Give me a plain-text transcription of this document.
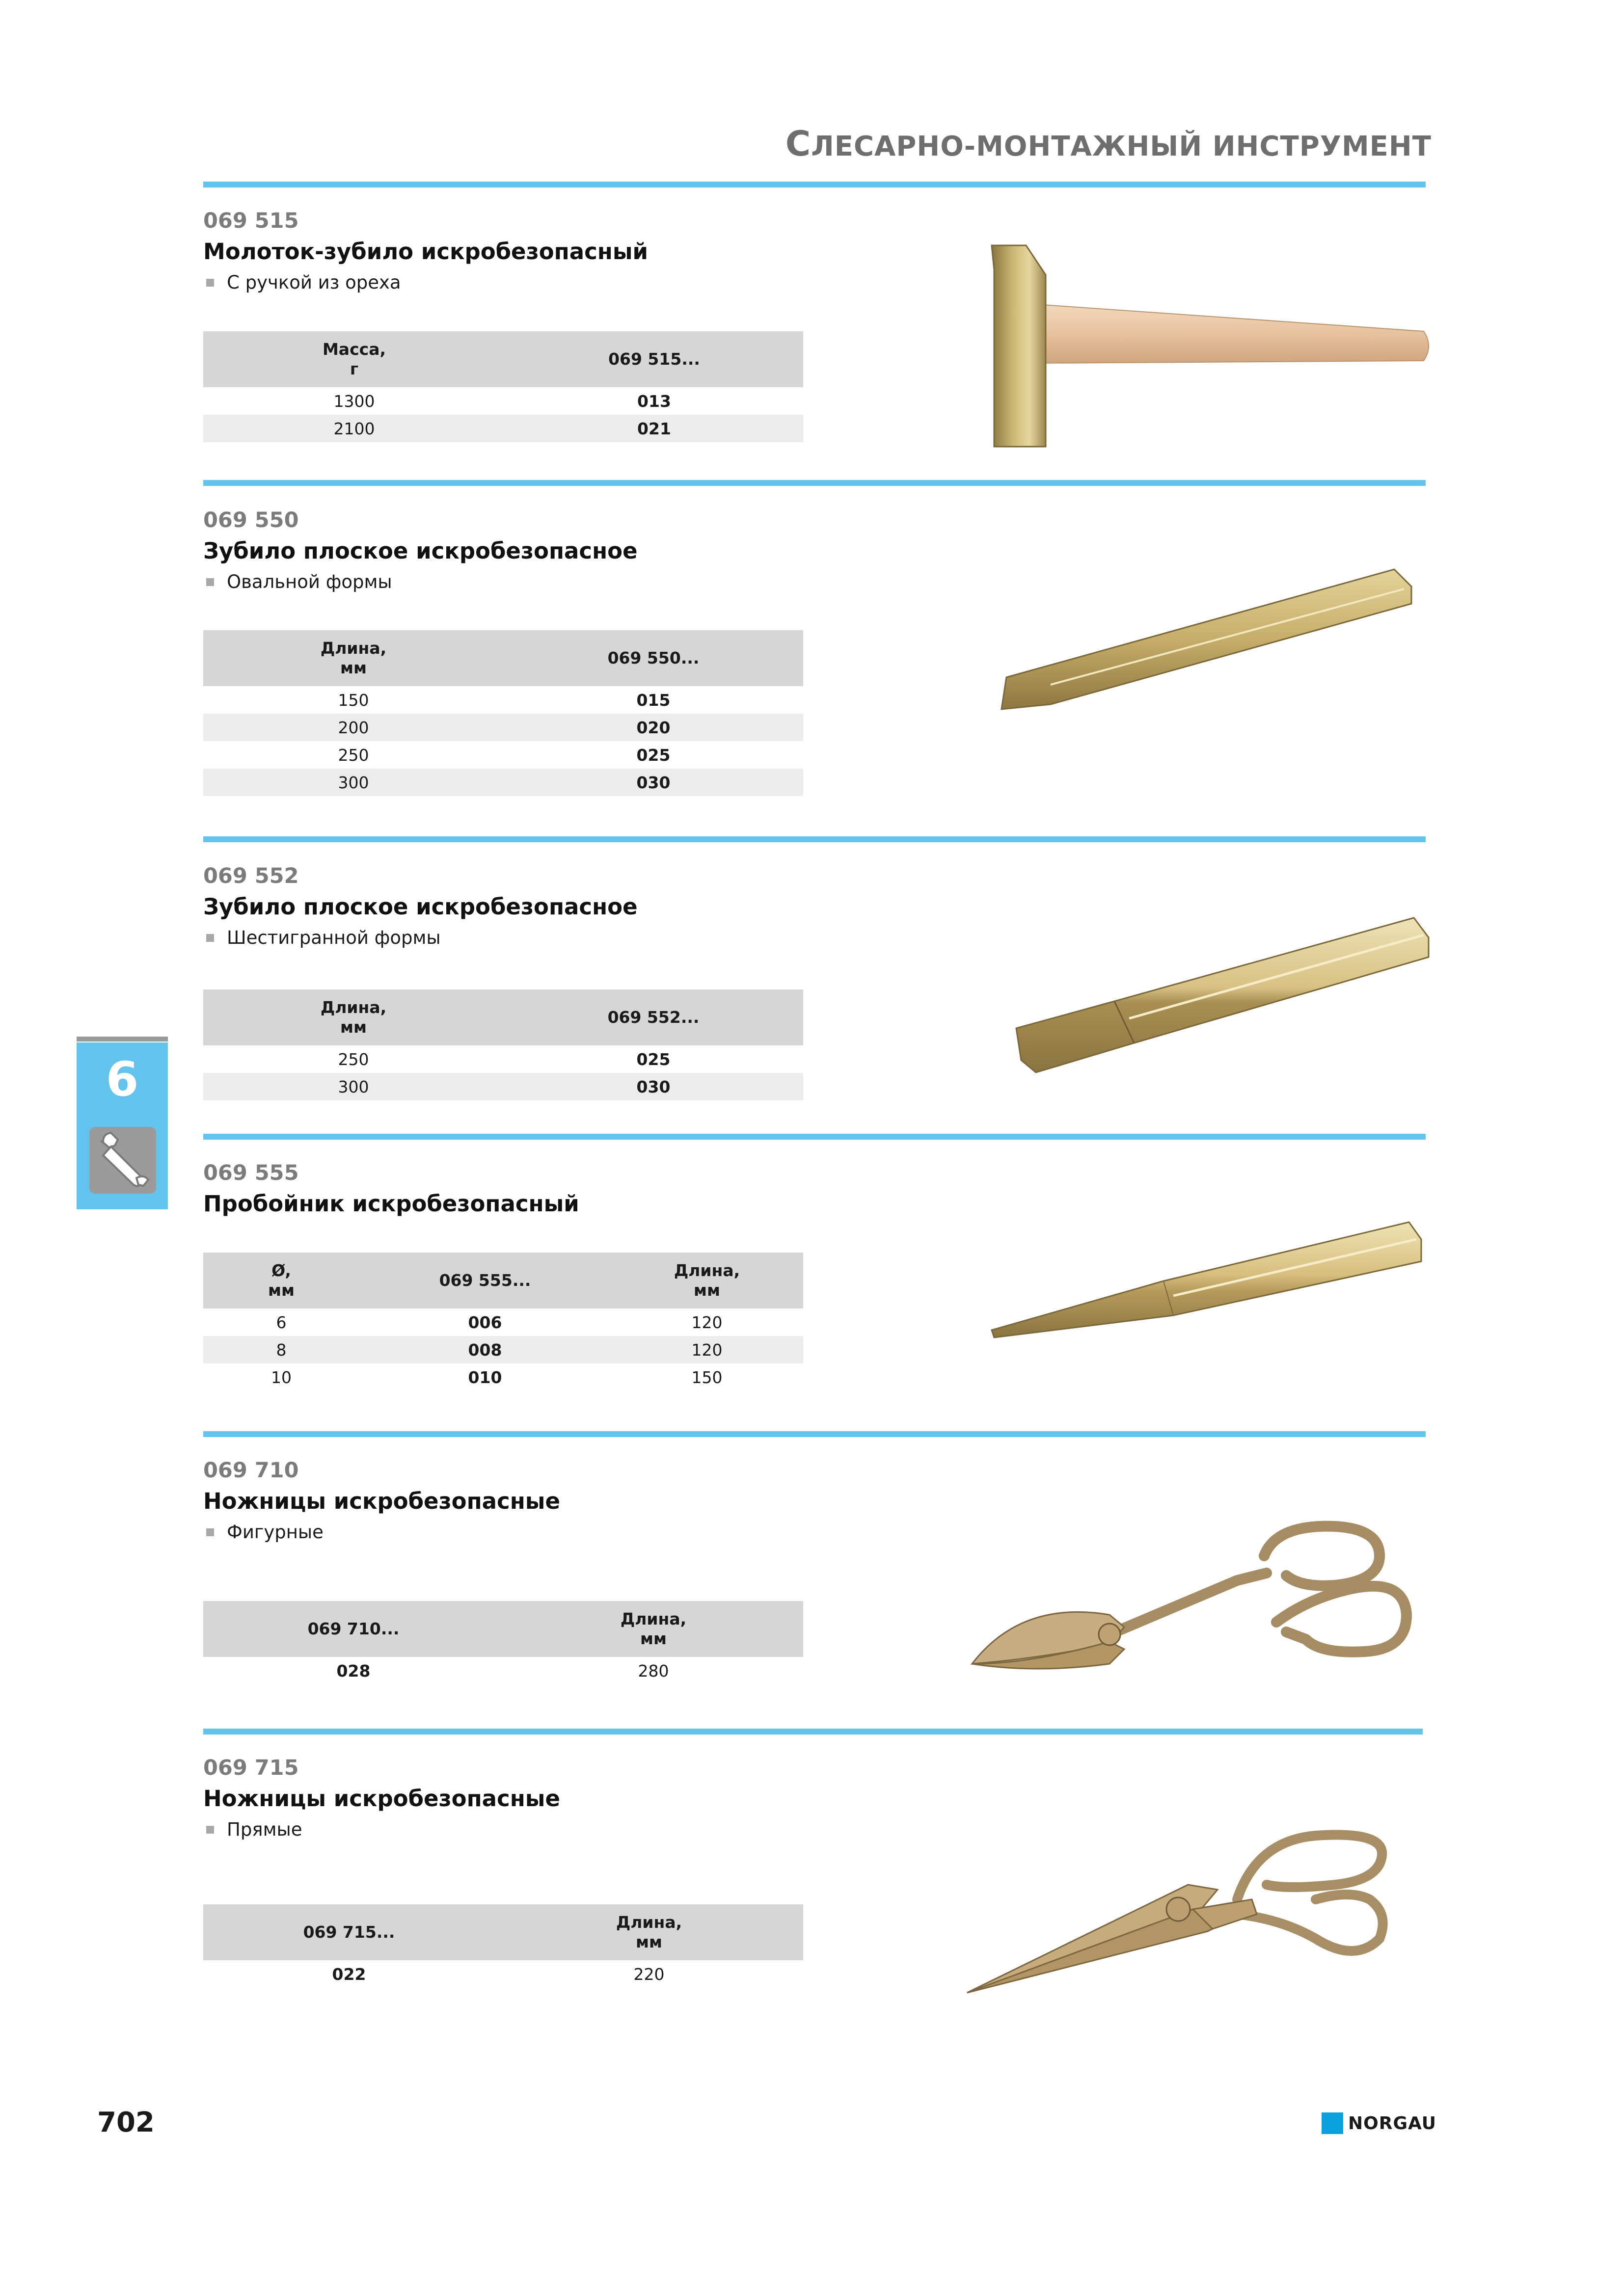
СЛЕСАРНО-МОНТАЖНЫЙ ИНСТРУМЕНТ
069 515
Молоток-зубило искробезопасный
С ручкой из ореха
Масса,
г	069 515...
1300	013
2100	021
069 550
Зубило плоское искробезопасное
Овальной формы
Длина,
мм	069 550...
150	015
200	020
250	025
300	030
069 552
Зубило плоское искробезопасное
Шестигранной формы
Длина,
мм	069 552...
250	025
300	030
069 555
Пробойник искробезопасный
Ø,
мм	069 555...	Длина,
мм
6	006	120
8	008	120
10	010	150
069 710
Ножницы искробезопасные
Фигурные
069 710...	Длина,
мм
028	280
069 715
Ножницы искробезопасные
Прямые
069 715...	Длина,
мм
022	220
6
702	NORGAU
